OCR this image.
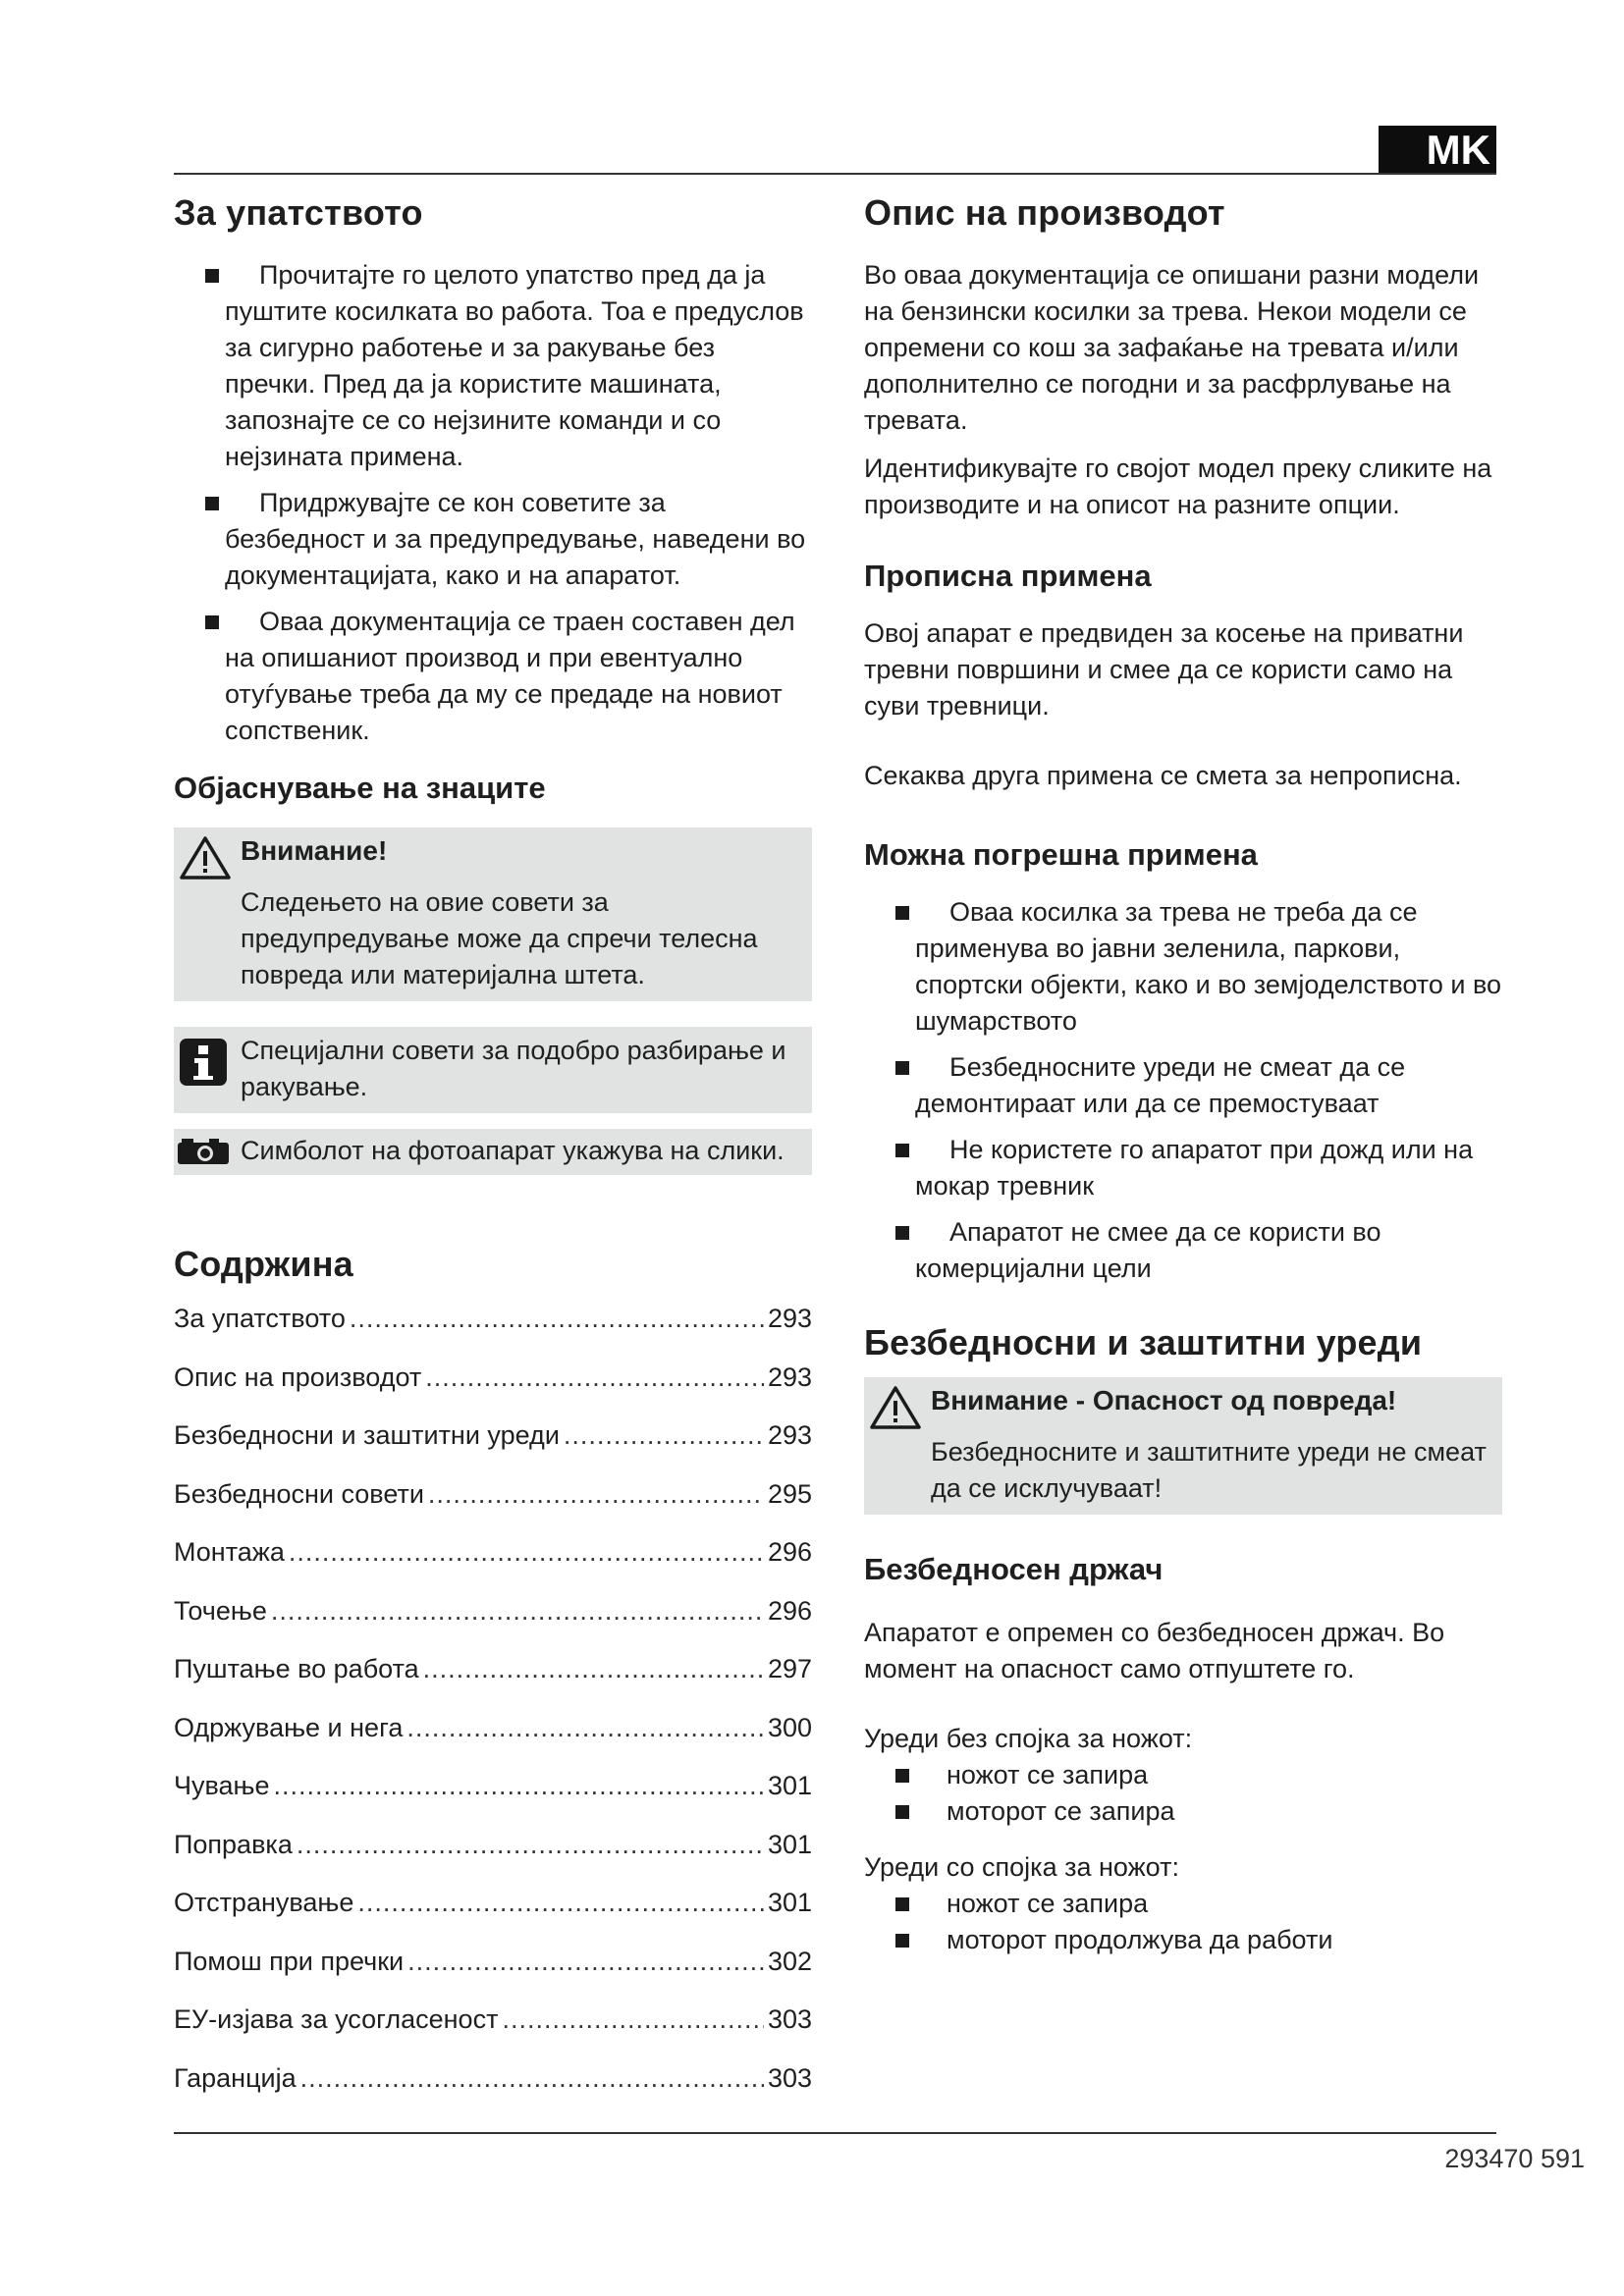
MK
За упатството
Прочитајте го целото упатство пред да ја пуштите косилката во работа. Тоа е предуслов за сигурно работење и за ракување без пречки. Пред да ја користите машината, запознајте се со нејзините команди и со нејзината примена.
Придржувајте се кон советите за безбедност и за предупредување, наведени во документацијата, како и на апаратот.
Оваа документација се траен составен дел на опишаниот производ и при евентуално отуѓување треба да му се предаде на новиот сопственик.
Објаснување на знаците
Внимание!
Следењето на овие совети за предупредување може да спречи телесна повреда или материјална штета.
Специјални совети за подобро разбирање и ракување.
Симболот на фотоапарат укажува на слики.
Содржина
За упатството .....	293
Опис на производот .....	293
Безбедносни и заштитни уреди .....	293
Безбедносни совети .....	295
Монтажа .....	296
Точење .....	296
Пуштање во работа .....	297
Одржување и нега .....	300
Чување .....	301
Поправка .....	301
Отстранување .....	301
Помош при пречки .....	302
ЕУ-изјава за усогласеност .....	303
Гаранција .....	303
Опис на производот

Во оваа документација се опишани разни модели на бензински косилки за трева. Некои модели се опремени со кош за зафаќање на тревата и/или дополнително се погодни и за расфрлување на тревата.

Идентификувајте го својот модел преку сликите на производите и на описот на разните опции.

Прописна примена

Овој апарат е предвиден за косење на приватни тревни површини и смее да се користи само на суви тревници.

Секаква друга примена се смета за непрописна.

Можна погрешна примена
Оваа косилка за трева не треба да се применува во јавни зеленила, паркови, спортски објекти, како и во земјоделството и во шумарството
Безбедносните уреди не смеат да се демонтираат или да се премостуваат
Не користете го апаратот при дожд или на мокар тревник
Апаратот не смее да се користи во комерцијални цели
Безбедносни и заштитни уреди
Внимание - Опасност од повреда!
Безбедносните и заштитните уреди не смеат да се исклучуваат!
Безбедносен држач

Апаратот е опремен со безбедносен држач. Во момент на опасност само отпуштете го.

Уреди без спојка за ножот:

ножот се запира
моторот се запира

Уреди со спојка за ножот:

ножот се запира
моторот продолжува да работи
293470 591
